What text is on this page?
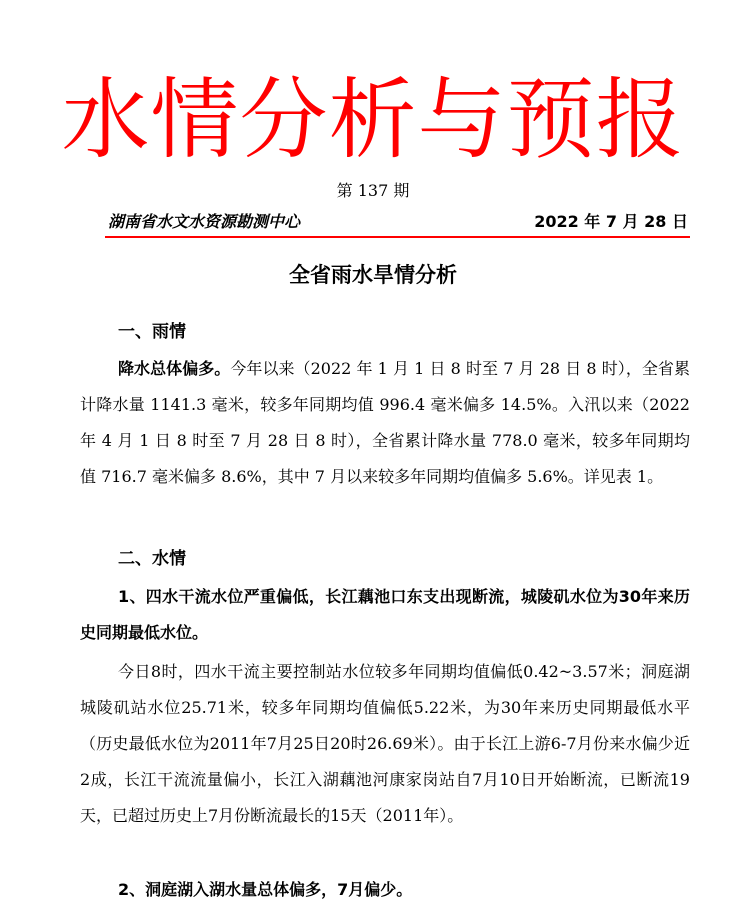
水情分析与预报
第 137 期
湖南省水文水资源勘测中心	2022 年 7 月 28 日
全省雨水旱情分析
一、雨情
降水总体偏多。今年以来（2022 年 1 月 1 日 8 时至 7 月 28 日 8 时），全省累计降水量 1141.3 毫米，较多年同期均值 996.4 毫米偏多 14.5%。入汛以来（2022 年 4 月 1 日 8 时至 7 月 28 日 8 时），全省累计降水量 778.0 毫米，较多年同期均值 716.7 毫米偏多 8.6%，其中 7 月以来较多年同期均值偏多 5.6%。详见表 1。
二、水情
1、四水干流水位严重偏低，长江藕池口东支出现断流，城陵矶水位为30年来历史同期最低水位。
今日8时，四水干流主要控制站水位较多年同期均值偏低0.42~3.57米；洞庭湖城陵矶站水位25.71米，较多年同期均值偏低5.22米，为30年来历史同期最低水平（历史最低水位为2011年7月25日20时26.69米）。由于长江上游6-7月份来水偏少近2成，长江干流流量偏小，长江入湖藕池河康家岗站自7月10日开始断流，已断流19天，已超过历史上7月份断流最长的15天（2011年）。
2、洞庭湖入湖水量总体偏多，7月偏少。
